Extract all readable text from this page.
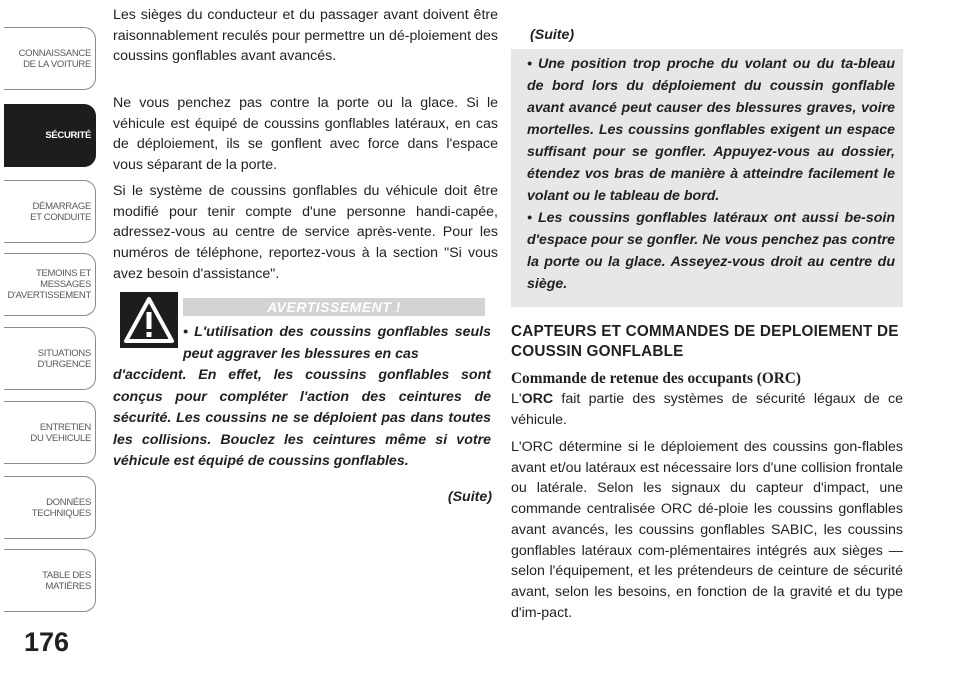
CONNAISSANCE
DE LA VOITURE
SÉCURITÉ
DÉMARRAGE
ET CONDUITE
TEMOINS ET
MESSAGES
D'AVERTISSEMENT
SITUATIONS
D'URGENCE
ENTRETIEN
DU VEHICULE
DONNÉES
TECHNIQUES
TABLE DES
MATIÈRES
176
Les sièges du conducteur et du passager avant doivent être raisonnablement reculés pour permettre un dé-ploiement des coussins gonflables avant avancés.
Ne vous penchez pas contre la porte ou la glace. Si le véhicule est équipé de coussins gonflables latéraux, en cas de déploiement, ils se gonflent avec force dans l'espace vous séparant de la porte.
Si le système de coussins gonflables du véhicule doit être modifié pour tenir compte d'une personne handi-capée, adressez-vous au centre de service après-vente. Pour les numéros de téléphone, reportez-vous à la section "Si vous avez besoin d'assistance".
AVERTISSEMENT !
• L'utilisation des coussins gonflables seuls peut aggraver les blessures en cas
d'accident. En effet, les coussins gonflables sont conçus pour compléter l'action des ceintures de sécurité. Les coussins ne se déploient pas dans toutes les collisions. Bouclez les ceintures même si votre véhicule est équipé de coussins gonflables.
(Suite)
(Suite)
• Une position trop proche du volant ou du ta-bleau de bord lors du déploiement du coussin gonflable avant avancé peut causer des blessures graves, voire mortelles. Les coussins gonflables exigent un espace suffisant pour se gonfler. Appuyez-vous au dossier, étendez vos bras de manière à atteindre facilement le volant ou le tableau de bord.
• Les coussins gonflables latéraux ont aussi be-soin d'espace pour se gonfler. Ne vous penchez pas contre la porte ou la glace. Asseyez-vous droit au centre du siège.
CAPTEURS ET COMMANDES DE DEPLOIEMENT DE COUSSIN GONFLABLE
Commande de retenue des occupants (ORC)
L'ORC fait partie des systèmes de sécurité légaux de ce véhicule.
L'ORC détermine si le déploiement des coussins gon-flables avant et/ou latéraux est nécessaire lors d'une collision frontale ou latérale. Selon les signaux du capteur d'impact, une commande centralisée ORC dé-ploie les coussins gonflables avant avancés, les coussins gonflables SABIC, les coussins gonflables latéraux com-plémentaires intégrés aux sièges — selon l'équipement, et les prétendeurs de ceinture de sécurité avant, selon les besoins, en fonction de la gravité et du type d'im-pact.
